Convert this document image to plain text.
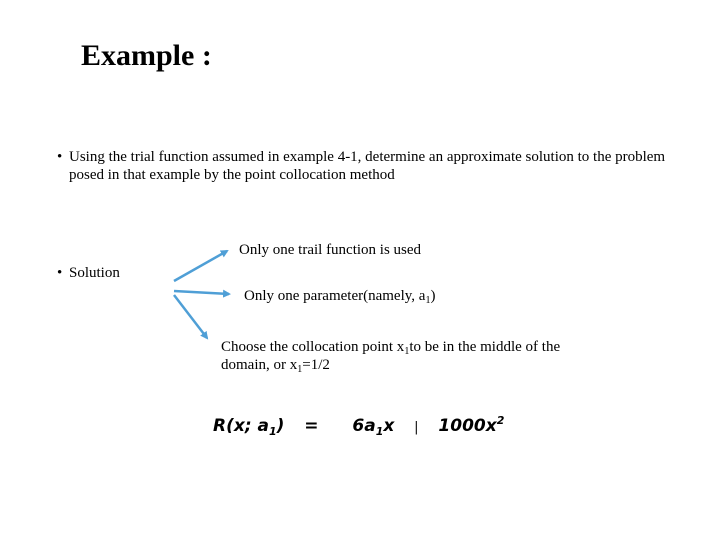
Example :
• Using the trial function assumed in example 4-1, determine an approximate solution to the problem posed in that example by the point collocation method
• Solution
Only one trail function is used
Only one parameter(namely, $a_1$)
Choose the collocation point $x_1to$ be in the middle of the
domain, or $x_1=1/2$
R(x; $a_1) = 6a_1x$ | $1000x^2$
